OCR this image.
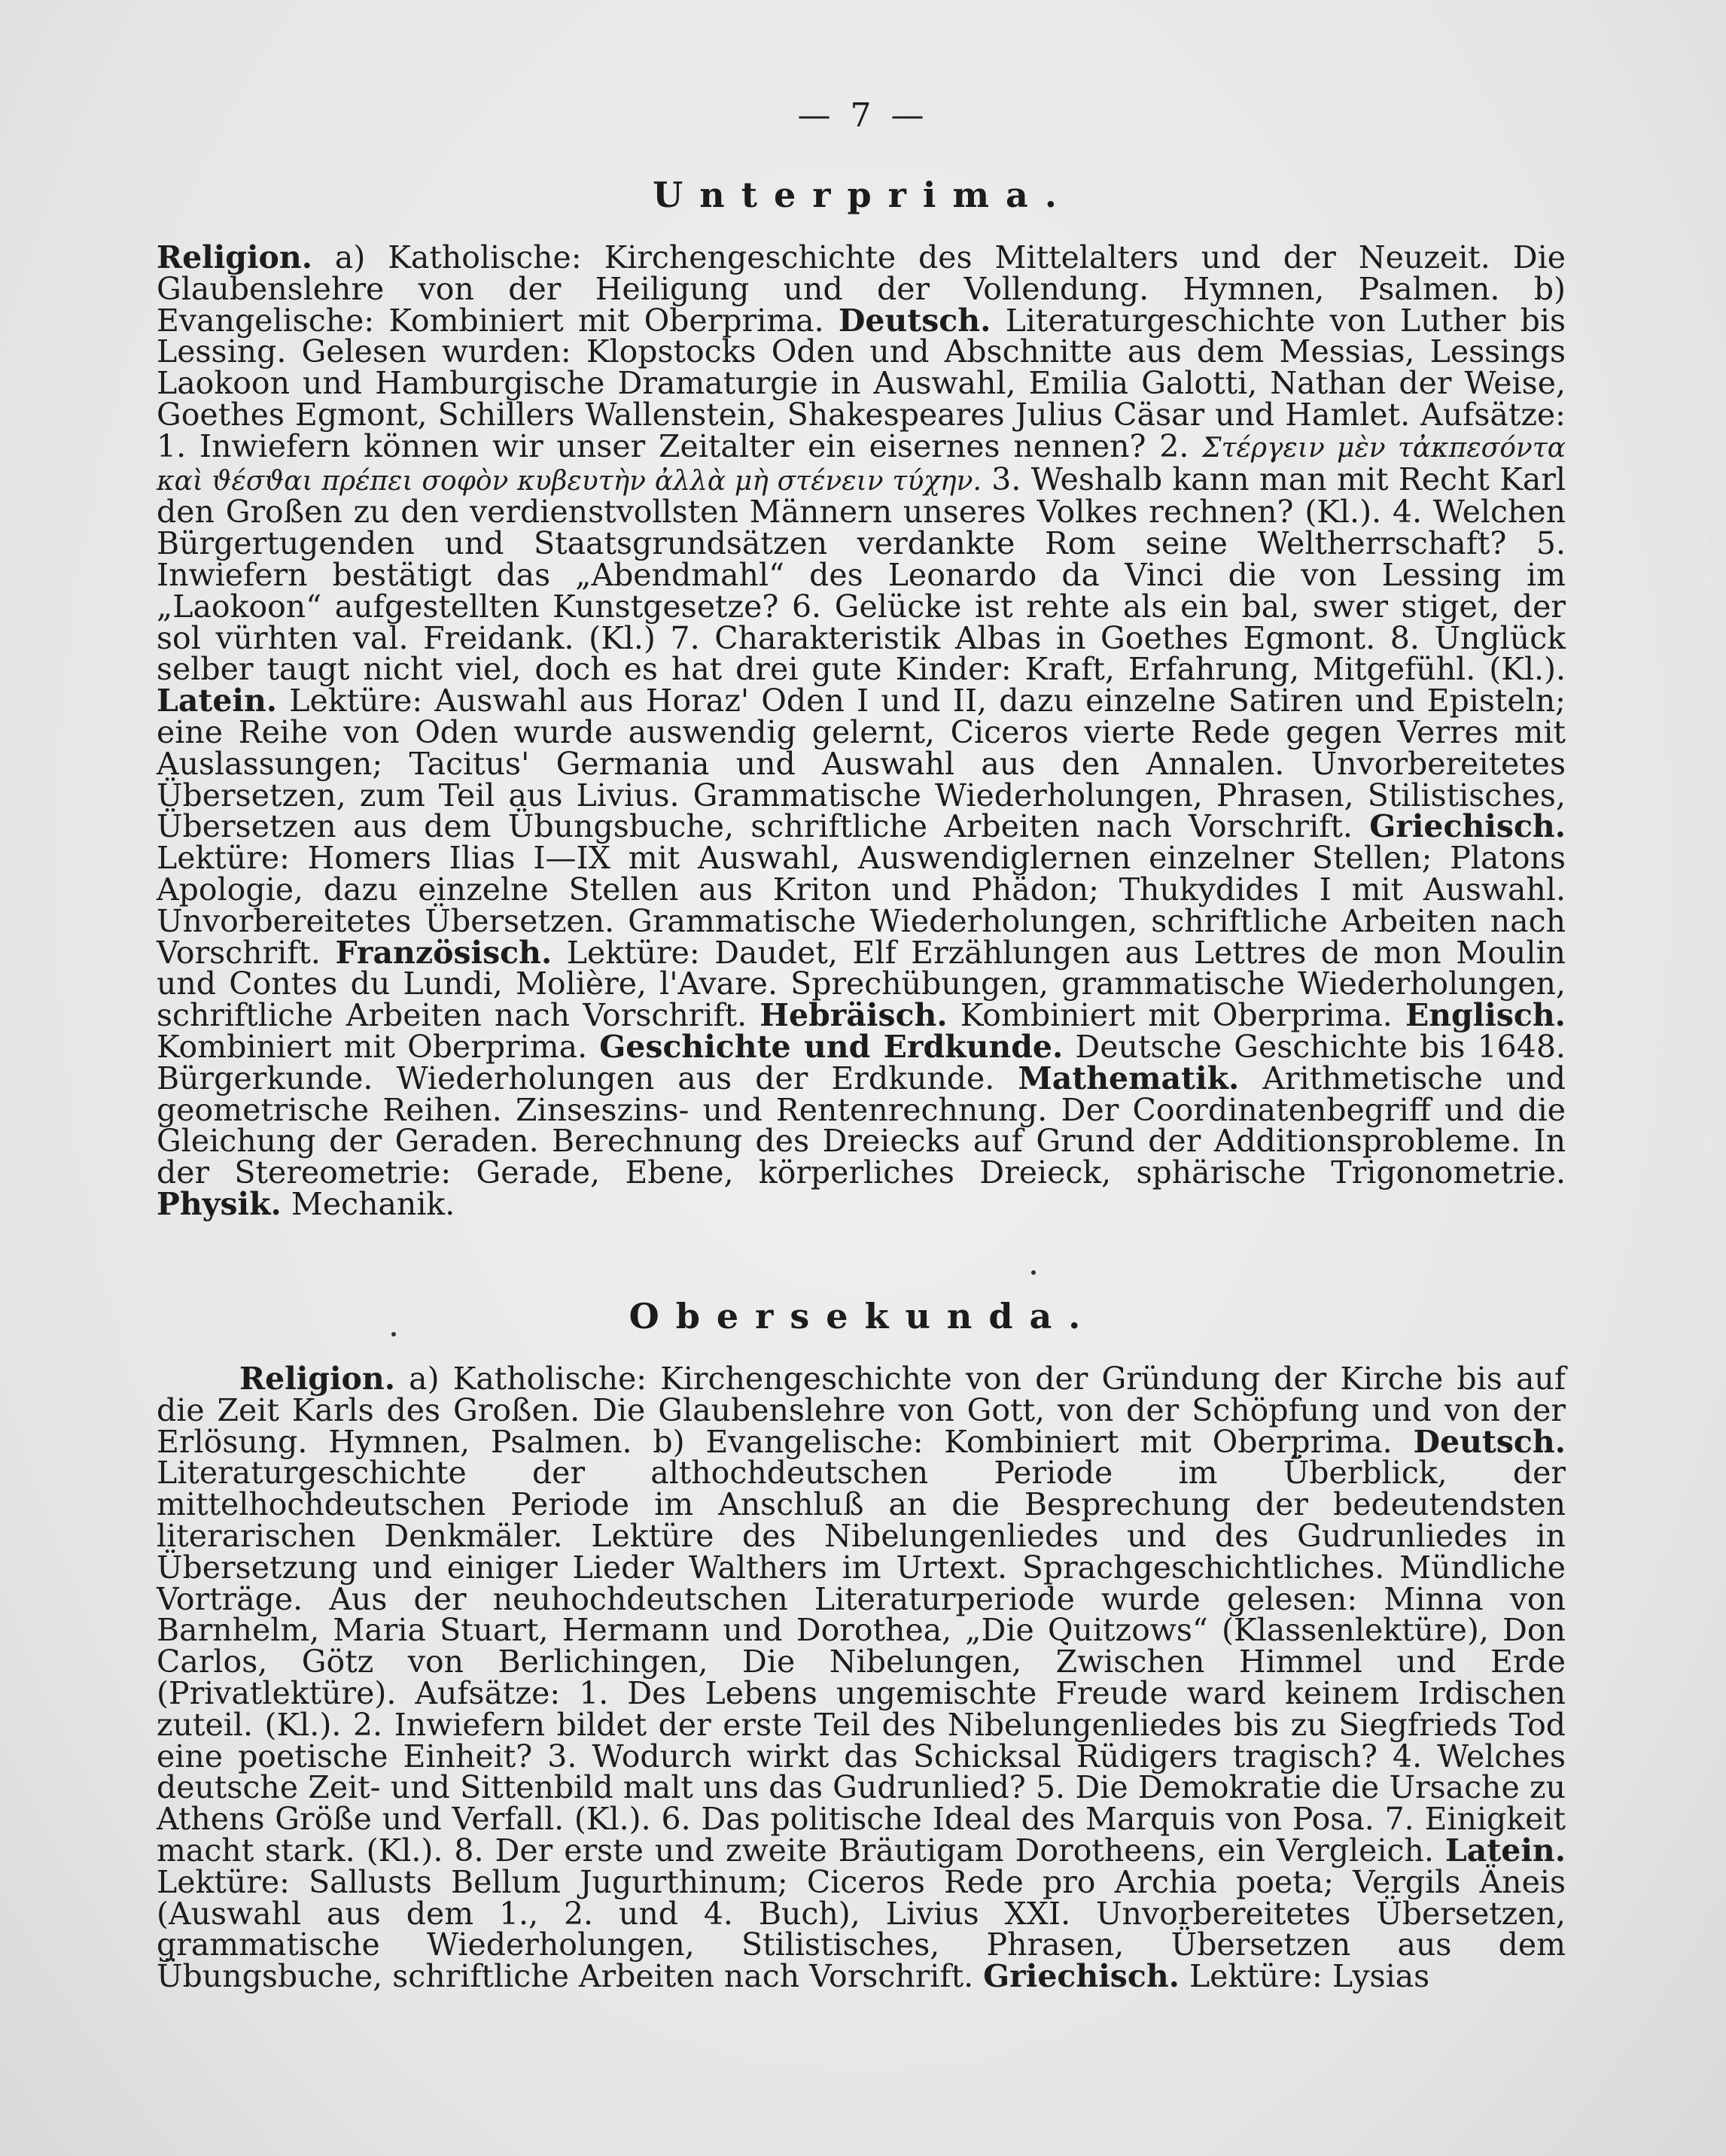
— 7 —
Unterprima.

Religion. a) Katholische: Kirchengeschichte des Mittelalters und der Neuzeit. Die Glaubenslehre von der Heiligung und der Vollendung. Hymnen, Psalmen. b) Evangelische: Kombiniert mit Oberprima. Deutsch. Literaturgeschichte von Luther bis Lessing. Gelesen wurden: Klopstocks Oden und Abschnitte aus dem Messias, Lessings Laokoon und Hamburgische Dramaturgie in Auswahl, Emilia Galotti, Nathan der Weise, Goethes Egmont, Schillers Wallenstein, Shakespeares Julius Cäsar und Hamlet. Aufsätze: 1. Inwiefern können wir unser Zeitalter ein eisernes nennen? 2. Στέργειν μὲν τἀκπεσόντα καὶ ϑέσϑαι πρέπει σοφὸν κυβευτὴν ἀλλὰ μὴ στένειν τύχην. 3. Weshalb kann man mit Recht Karl den Großen zu den verdienstvollsten Männern unseres Volkes rechnen? (Kl.). 4. Welchen Bürgertugenden und Staatsgrundsätzen verdankte Rom seine Weltherrschaft? 5. Inwiefern bestätigt das „Abendmahl“ des Leonardo da Vinci die von Lessing im „Laokoon“ aufgestellten Kunstgesetze? 6. Gelücke ist rehte als ein bal, swer stiget, der sol vürhten val. Freidank. (Kl.) 7. Charakteristik Albas in Goethes Egmont. 8. Unglück selber taugt nicht viel, doch es hat drei gute Kinder: Kraft, Erfahrung, Mitgefühl. (Kl.). Latein. Lektüre: Auswahl aus Horaz' Oden I und II, dazu einzelne Satiren und Episteln; eine Reihe von Oden wurde auswendig gelernt, Ciceros vierte Rede gegen Verres mit Auslassungen; Tacitus' Germania und Auswahl aus den Annalen. Unvorbereitetes Übersetzen, zum Teil aus Livius. Grammatische Wiederholungen, Phrasen, Stilistisches, Übersetzen aus dem Übungsbuche, schriftliche Arbeiten nach Vorschrift. Griechisch. Lektüre: Homers Ilias I—IX mit Auswahl, Auswendiglernen einzelner Stellen; Platons Apologie, dazu einzelne Stellen aus Kriton und Phädon; Thukydides I mit Auswahl. Unvorbereitetes Übersetzen. Grammatische Wiederholungen, schriftliche Arbeiten nach Vorschrift. Französisch. Lektüre: Daudet, Elf Erzählungen aus Lettres de mon Moulin und Contes du Lundi, Molière, l'Avare. Sprechübungen, grammatische Wiederholungen, schriftliche Arbeiten nach Vorschrift. Hebräisch. Kombiniert mit Oberprima. Englisch. Kombiniert mit Oberprima. Geschichte und Erdkunde. Deutsche Geschichte bis 1648. Bürgerkunde. Wiederholungen aus der Erdkunde. Mathematik. Arithmetische und geometrische Reihen. Zinseszins- und Rentenrechnung. Der Coordinatenbegriff und die Gleichung der Geraden. Berechnung des Dreiecks auf Grund der Additionsprobleme. In der Stereometrie: Gerade, Ebene, körperliches Dreieck, sphärische Trigonometrie. Physik. Mechanik.

Obersekunda.

Religion. a) Katholische: Kirchengeschichte von der Gründung der Kirche bis auf die Zeit Karls des Großen. Die Glaubenslehre von Gott, von der Schöpfung und von der Erlösung. Hymnen, Psalmen. b) Evangelische: Kombiniert mit Oberprima. Deutsch. Literaturgeschichte der althochdeutschen Periode im Überblick, der mittelhochdeutschen Periode im Anschluß an die Besprechung der bedeutendsten literarischen Denkmäler. Lektüre des Nibelungenliedes und des Gudrunliedes in Übersetzung und einiger Lieder Walthers im Urtext. Sprachgeschichtliches. Mündliche Vorträge. Aus der neuhochdeutschen Literaturperiode wurde gelesen: Minna von Barnhelm, Maria Stuart, Hermann und Dorothea, „Die Quitzows“ (Klassenlektüre), Don Carlos, Götz von Berlichingen, Die Nibelungen, Zwischen Himmel und Erde (Privatlektüre). Aufsätze: 1. Des Lebens ungemischte Freude ward keinem Irdischen zuteil. (Kl.). 2. Inwiefern bildet der erste Teil des Nibelungenliedes bis zu Siegfrieds Tod eine poetische Einheit? 3. Wodurch wirkt das Schicksal Rüdigers tragisch? 4. Welches deutsche Zeit- und Sittenbild malt uns das Gudrunlied? 5. Die Demokratie die Ursache zu Athens Größe und Verfall. (Kl.). 6. Das politische Ideal des Marquis von Posa. 7. Einigkeit macht stark. (Kl.). 8. Der erste und zweite Bräutigam Dorotheens, ein Vergleich. Latein. Lektüre: Sallusts Bellum Jugurthinum; Ciceros Rede pro Archia poeta; Vergils Äneis (Auswahl aus dem 1., 2. und 4. Buch), Livius XXI. Unvorbereitetes Übersetzen, grammatische Wiederholungen, Stilistisches, Phrasen, Übersetzen aus dem Übungsbuche, schriftliche Arbeiten nach Vorschrift. Griechisch. Lektüre: Lysias
